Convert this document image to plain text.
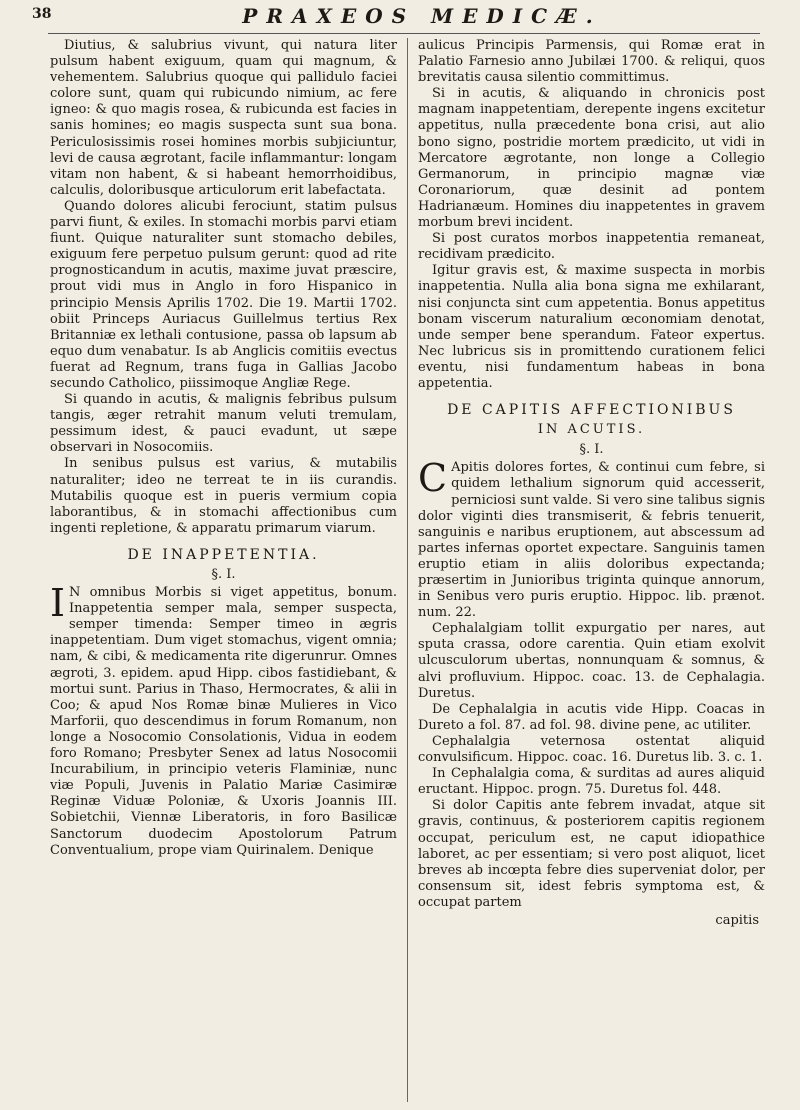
38	PRAXEOS MEDICÆ.

Diutius, & salubrius vivunt, qui natura liter pulsum habent exiguum, quam qui magnum, & vehementem. Salubrius quoque qui pallidulo faciei colore sunt, quam qui rubicundo nimium, ac fere igneo: & quo magis rosea, & rubicunda est facies in sanis homines; eo magis suspecta sunt sua bona. Periculosissimis rosei homines morbis subjiciuntur, levi de causa ægrotant, facile inflammantur: longam vitam non habent, & si habeant hemorrhoidibus, calculis, doloribusque articulorum erit labefactata.

Quando dolores alicubi ferociunt, statim pulsus parvi fiunt, & exiles. In stomachi morbis parvi etiam fiunt. Quique naturaliter sunt stomacho debiles, exiguum fere perpetuo pulsum gerunt: quod ad rite prognosticandum in acutis, maxime juvat præscire, prout vidi mus in Anglo in foro Hispanico in principio Mensis Aprilis 1702. Die 19. Martii 1702. obiit Princeps Auriacus Guillelmus tertius Rex Britanniæ ex lethali contusione, passa ob lapsum ab equo dum venabatur. Is ab Anglicis comitiis evectus fuerat ad Regnum, trans fuga in Gallias Jacobo secundo Catholico, piissimoque Angliæ Rege.

Si quando in acutis, & malignis febribus pulsum tangis, æger retrahit manum veluti tremulam, pessimum idest, & pauci evadunt, ut sæpe observari in Nosocomiis.

In senibus pulsus est varius, & mutabilis naturaliter; ideo ne terreat te in iis curandis. Mutabilis quoque est in pueris vermium copia laborantibus, & in stomachi affectionibus cum ingenti repletione, & apparatu primarum viarum.

DE INAPPETENTIA.
§. I.

I N omnibus Morbis si viget appetitus, bonum. Inappetentia semper mala, semper suspecta, semper timenda: Semper timeo in ægris inappetentiam. Dum viget stomachus, vigent omnia; nam, & cibi, & medicamenta rite digerunrur. Omnes ægroti, 3. epidem. apud Hipp. cibos fastidiebant, & mortui sunt. Parius in Thaso, Hermocrates, & alii in Coo; & apud Nos Romæ binæ Mulieres in Vico Marforii, quo descendimus in forum Romanum, non longe a Nosocomio Consolationis, Vidua in eodem foro Romano; Presbyter Senex ad latus Nosocomii Incurabilium, in principio veteris Flaminiæ, nunc viæ Populi, Juvenis in Palatio Mariæ Casimiræ Reginæ Viduæ Poloniæ, & Uxoris Joannis III. Sobietchii, Viennæ Liberatoris, in foro Basilicæ Sanctorum duodecim Apostolorum Patrum Conventualium, prope viam Quirinalem. Denique

aulicus Principis Parmensis, qui Romæ erat in Palatio Farnesio anno Jubilæi 1700. & reliqui, quos brevitatis causa silentio committimus.

Si in acutis, & aliquando in chronicis post magnam inappetentiam, derepente ingens excitetur appetitus, nulla præcedente bona crisi, aut alio bono signo, postridie mortem prædicito, ut vidi in Mercatore ægrotante, non longe a Collegio Germanorum, in principio magnæ viæ Coronariorum, quæ desinit ad pontem Hadrianæum. Homines diu inappetentes in gravem morbum brevi incident.

Si post curatos morbos inappetentia remaneat, recidivam prædicito.

Igitur gravis est, & maxime suspecta in morbis inappetentia. Nulla alia bona signa me exhilarant, nisi conjuncta sint cum appetentia. Bonus appetitus bonam viscerum naturalium œconomiam denotat, unde semper bene sperandum. Fateor expertus. Nec lubricus sis in promittendo curationem felici eventu, nisi fundamentum habeas in bona appetentia.

DE CAPITIS AFFECTIONIBUS
IN ACUTIS.
§. I.

C Apitis dolores fortes, & continui cum febre, si quidem lethalium signorum quid accesserit, perniciosi sunt valde. Si vero sine talibus signis dolor viginti dies transmiserit, & febris tenuerit, sanguinis e naribus eruptionem, aut abscessum ad partes infernas oportet expectare. Sanguinis tamen eruptio etiam in aliis doloribus expectanda; præsertim in Junioribus triginta quinque annorum, in Senibus vero puris eruptio. Hippoc. lib. prænot. num. 22.

Cephalalgiam tollit expurgatio per nares, aut sputa crassa, odore carentia. Quin etiam exolvit ulcusculorum ubertas, nonnunquam & somnus, & alvi profluvium. Hippoc. coac. 13. de Cephalagia. Duretus.

De Cephalalgia in acutis vide Hipp. Coacas in Dureto a fol. 87. ad fol. 98. divine pene, ac utiliter.

Cephalalgia veternosa ostentat aliquid convulsificum. Hippoc. coac. 16. Duretus lib. 3. c. 1.

In Cephalalgia coma, & surditas ad aures aliquid eructant. Hippoc. progn. 75. Duretus fol. 448.

Si dolor Capitis ante febrem invadat, atque sit gravis, continuus, & posteriorem capitis regionem occupat, periculum est, ne caput idiopathice laboret, ac per essentiam; si vero post aliquot, licet breves ab incœpta febre dies superveniat dolor, per consensum sit, idest febris symptoma est, & occupat partem

capitis
